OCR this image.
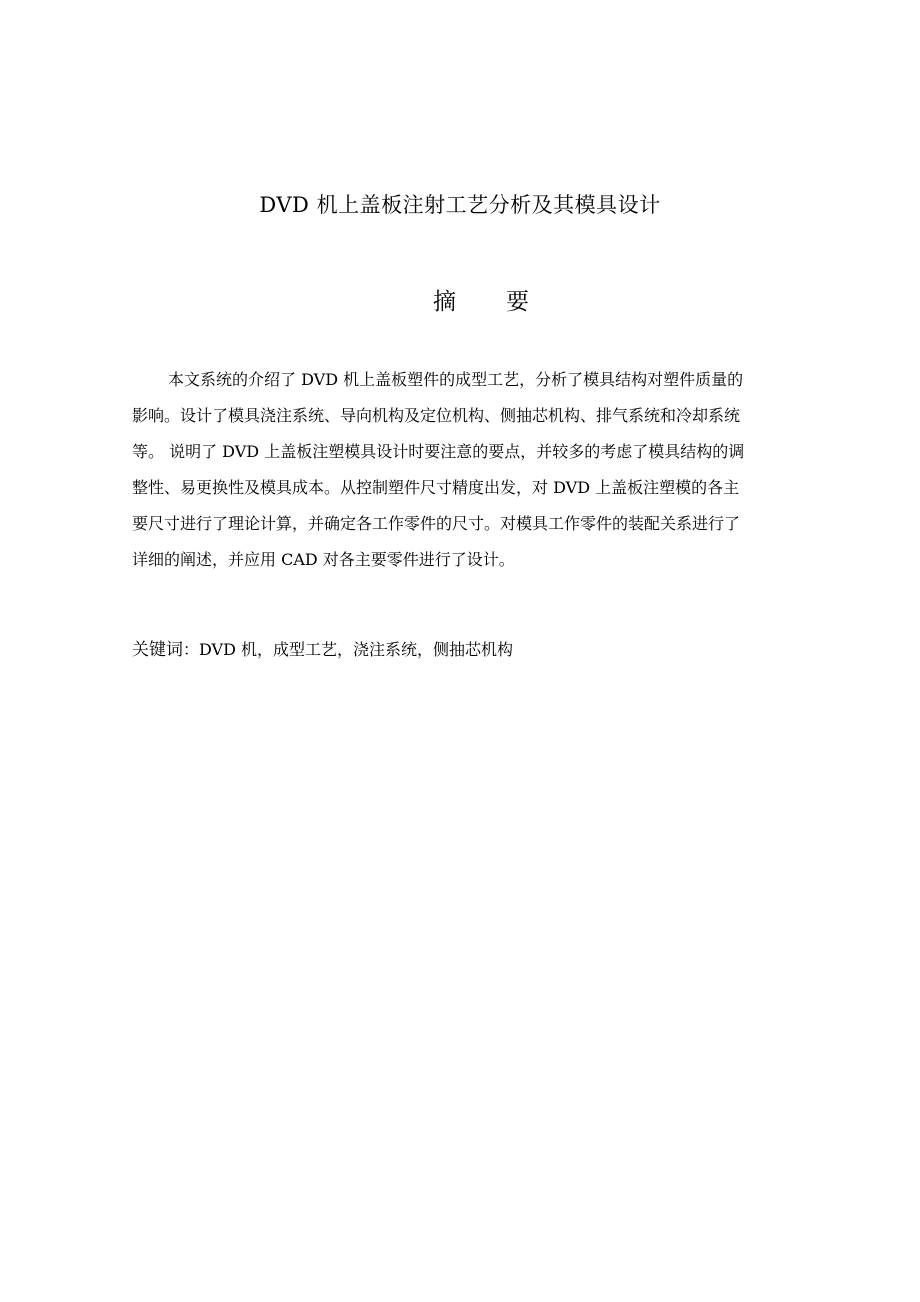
DVD 机上盖板注射工艺分析及其模具设计
摘 要
本文系统的介绍了 DVD 机上盖板塑件的成型工艺，分析了模具结构对塑件质量的
影响。设计了模具浇注系统、导向机构及定位机构、侧抽芯机构、排气系统和冷却系统
等。 说明了 DVD 上盖板注塑模具设计时要注意的要点，并较多的考虑了模具结构的调
整性、易更换性及模具成本。从控制塑件尺寸精度出发，对 DVD 上盖板注塑模的各主
要尺寸进行了理论计算，并确定各工作零件的尺寸。对模具工作零件的装配关系进行了
详细的阐述，并应用 CAD 对各主要零件进行了设计。
关键词：DVD 机，成型工艺，浇注系统，侧抽芯机构
